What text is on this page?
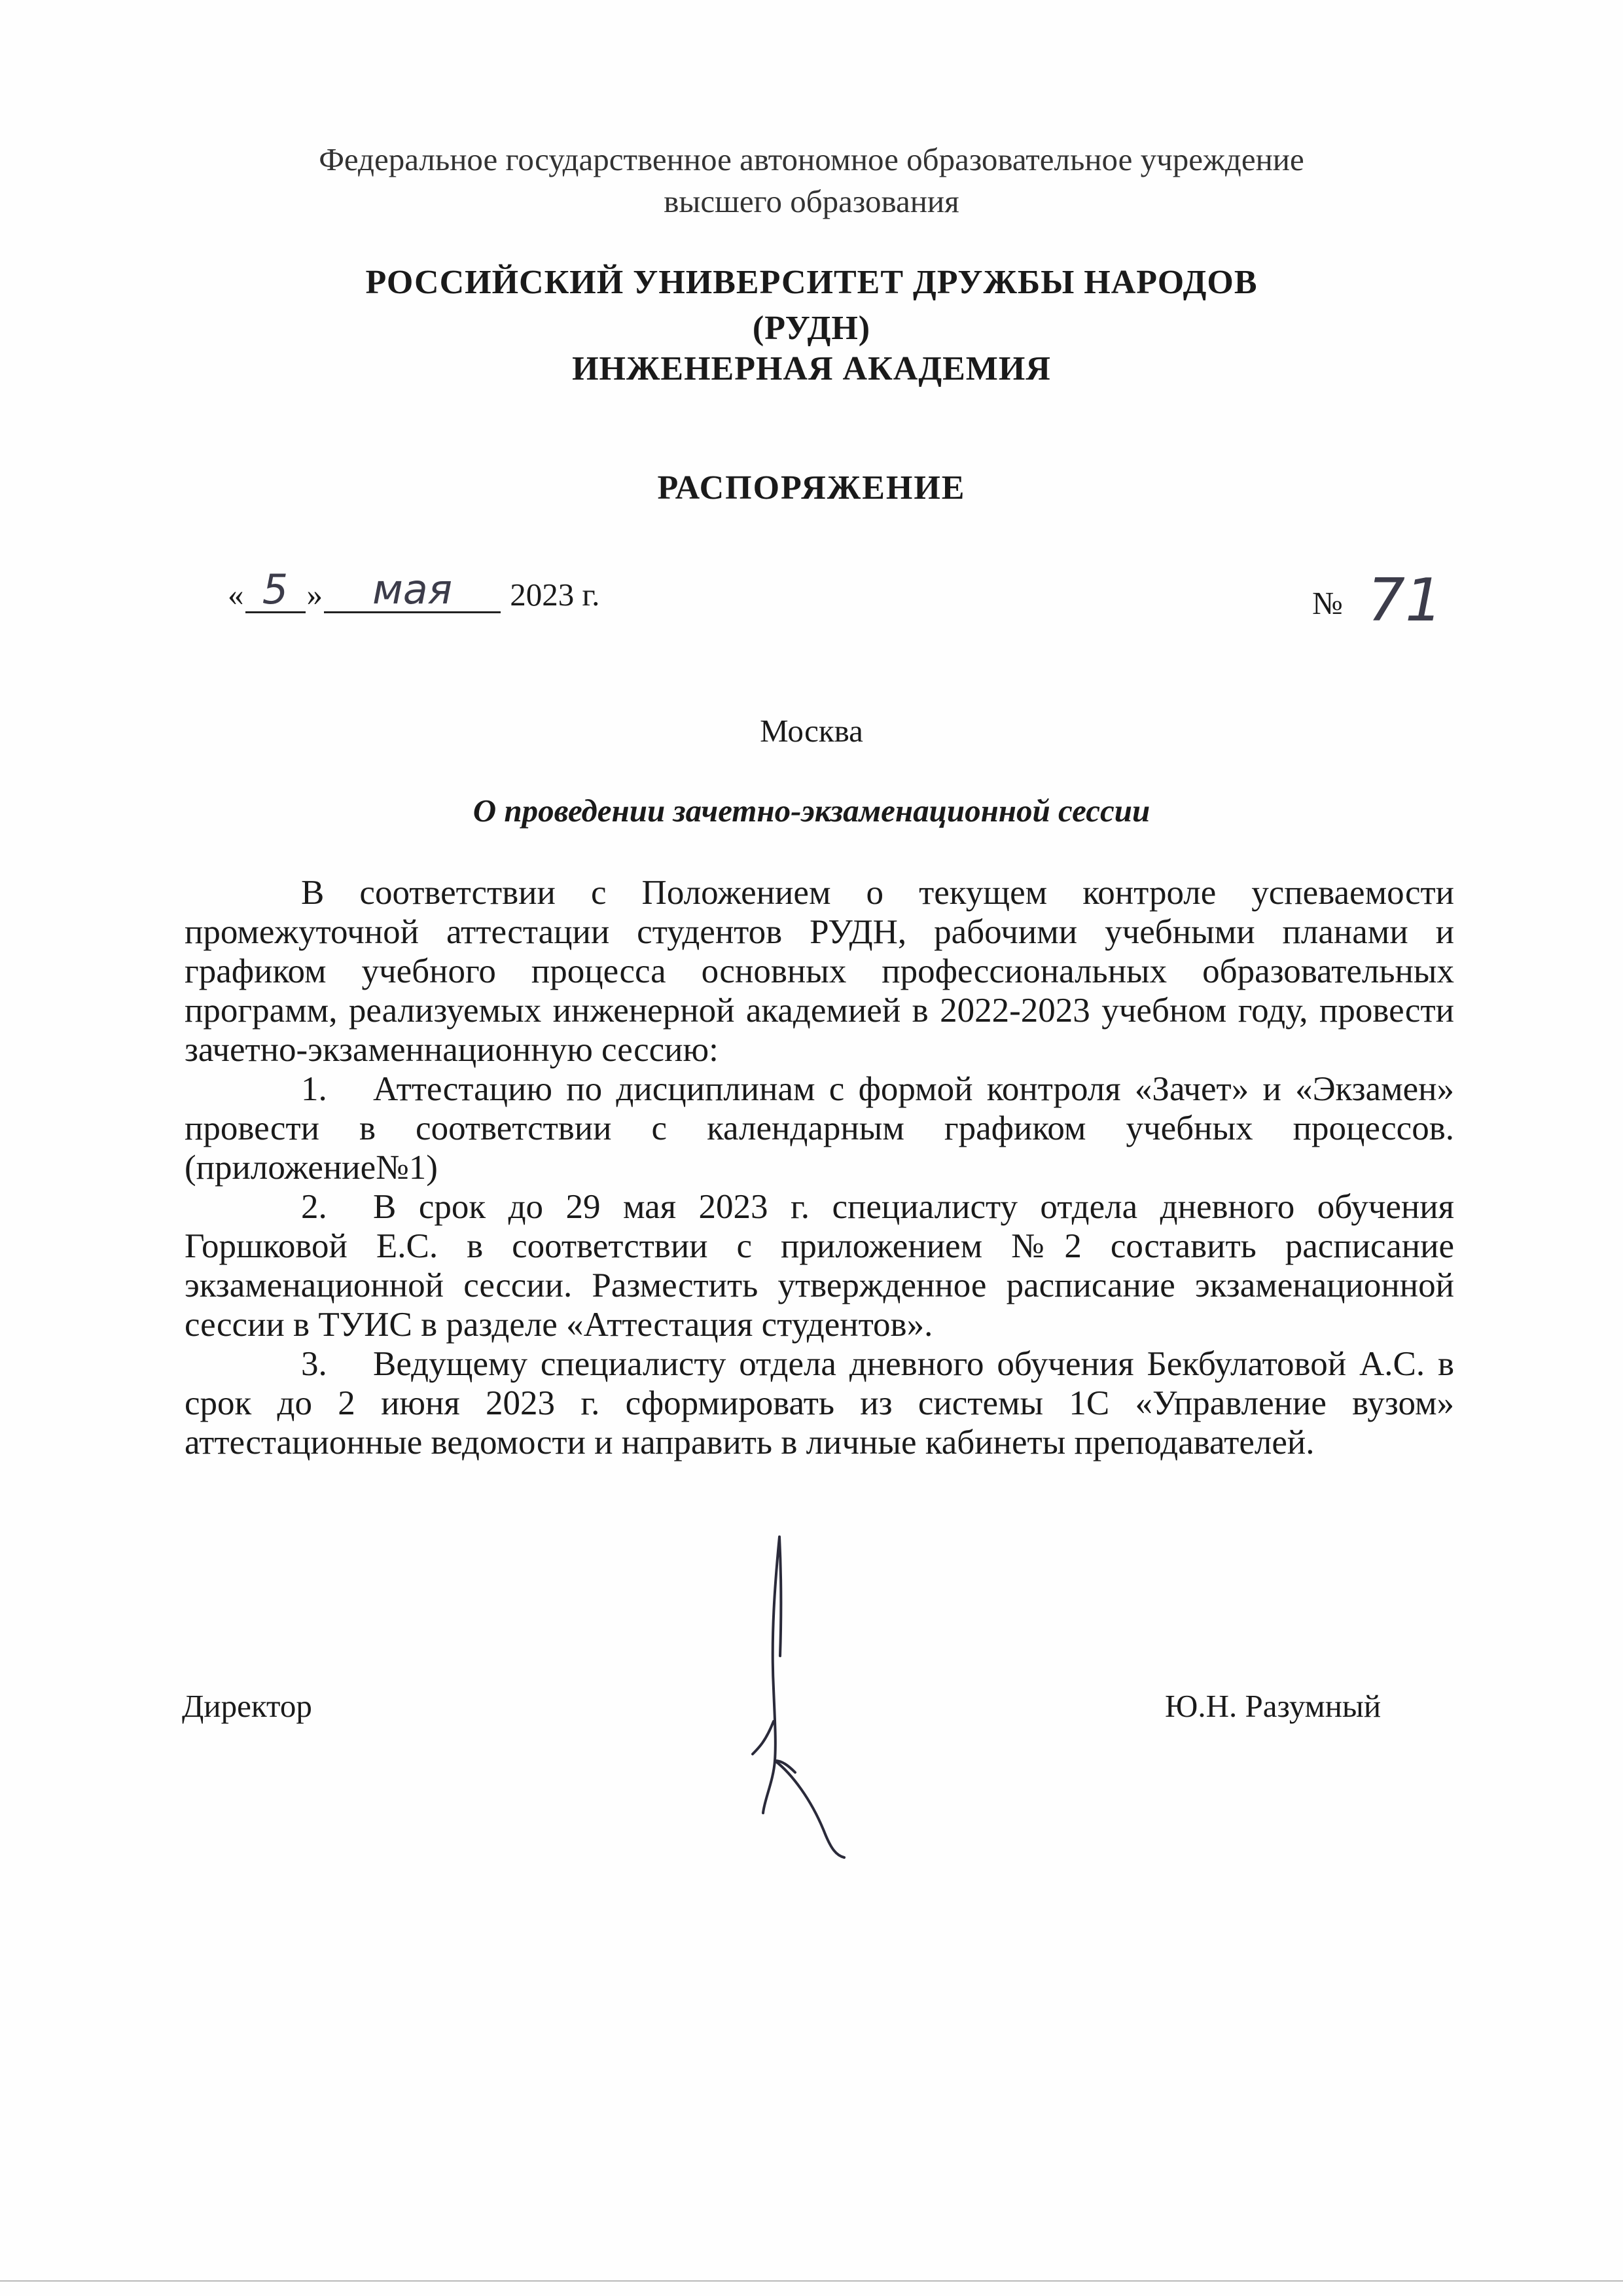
Федеральное государственное автономное образовательное учреждение
высшего образования
РОССИЙСКИЙ УНИВЕРСИТЕТ ДРУЖБЫ НАРОДОВ
(РУДН)
ИНЖЕНЕРНАЯ АКАДЕМИЯ
РАСПОРЯЖЕНИЕ
« 5 »	мая	2023 г.	№ 71
Москва
О проведении зачетно-экзаменационной сессии

В соответствии с Положением о текущем контроле успеваемости промежуточной аттестации студентов РУДН, рабочими учебными планами и графиком учебного процесса основных профессиональных образовательных программ, реализуемых инженерной академией в 2022-2023 учебном году, провести зачетно-экзаменнационную сессию:

1. Аттестацию по дисциплинам с формой контроля «Зачет» и «Экзамен» провести в соответствии с календарным графиком учебных процессов. (приложение№1)
2. В срок до 29 мая 2023 г. специалисту отдела дневного обучения Горшковой Е.С. в соответствии с приложением №2 составить расписание экзаменационной сессии. Разместить утвержденное расписание экзаменационной сессии в ТУИС в разделе «Аттестация студентов».
3. Ведущему специалисту отдела дневного обучения Бекбулатовой А.С. в срок до 2 июня 2023 г. сформировать из системы 1С «Управление вузом» аттестационные ведомости и направить в личные кабинеты преподавателей.
Директор	Ю.Н. Разумный
